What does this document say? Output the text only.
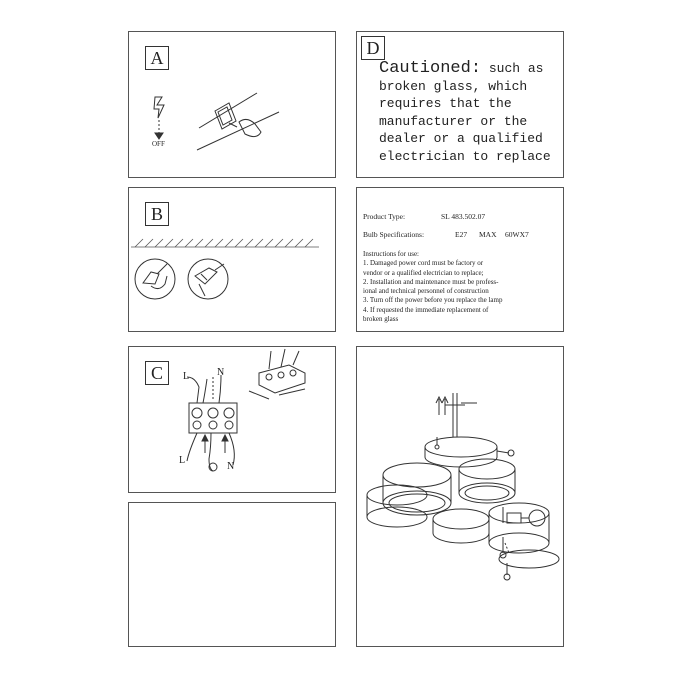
A
OFF
B
C	L	N
L
N
D
Cautioned: such as broken glass, which requires that the manufacturer or the dealer or a qualified electrician to replace
Product Type:	SL 483.502.07
Bulb Specifications:	E27 MAX 60WX7
Instructions for use:
1. Damaged power cord must be factory or
vendor or a qualified electrician to replace;
2. Installation and maintenance must be profess-
ional and technical personnel of construction
3. Turn off the power before you replace the lamp
4. If requested the immediate replacement of
broken glass
